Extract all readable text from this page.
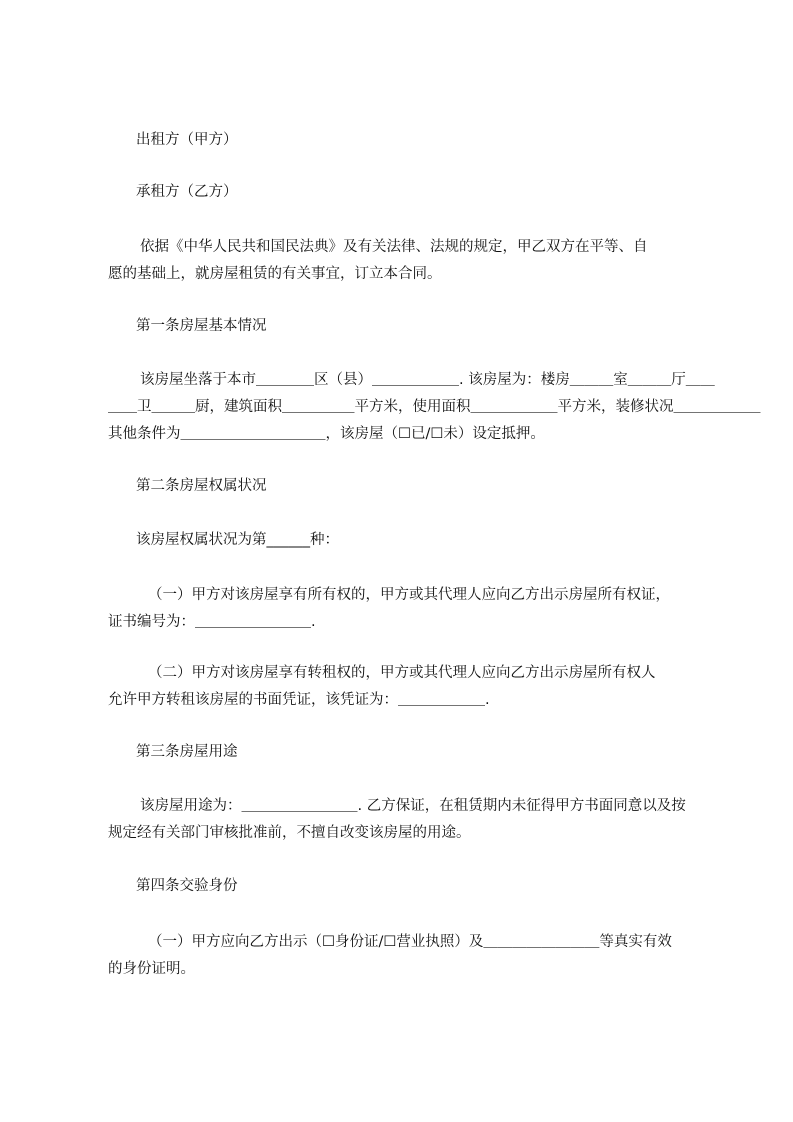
出租方（甲方）

承租方（乙方）

依据《中华人民共和国民法典》及有关法律、法规的规定，甲乙双方在平等、自
愿的基础上，就房屋租赁的有关事宜，订立本合同。

第一条房屋基本情况

该房屋坐落于本市＿＿＿＿区（县）＿＿＿＿＿＿. 该房屋为：楼房＿＿＿室＿＿＿厅＿＿
＿＿卫＿＿＿厨，建筑面积＿＿＿＿＿平方米，使用面积＿＿＿＿＿＿平方米，装修状况＿＿＿＿＿＿
其他条件为＿＿＿＿＿＿＿＿＿＿，该房屋（☐已/☐未）设定抵押。

第二条房屋权属状况

该房屋权属状况为第______种：

（一）甲方对该房屋享有所有权的，甲方或其代理人应向乙方出示房屋所有权证，
证书编号为：＿＿＿＿＿＿＿＿.

（二）甲方对该房屋享有转租权的，甲方或其代理人应向乙方出示房屋所有权人
允许甲方转租该房屋的书面凭证，该凭证为：＿＿＿＿＿＿.

第三条房屋用途

该房屋用途为：＿＿＿＿＿＿＿＿. 乙方保证，在租赁期内未征得甲方书面同意以及按
规定经有关部门审核批准前，不擅自改变该房屋的用途。

第四条交验身份

（一）甲方应向乙方出示（☐身份证/☐营业执照）及＿＿＿＿＿＿＿＿等真实有效
的身份证明。
